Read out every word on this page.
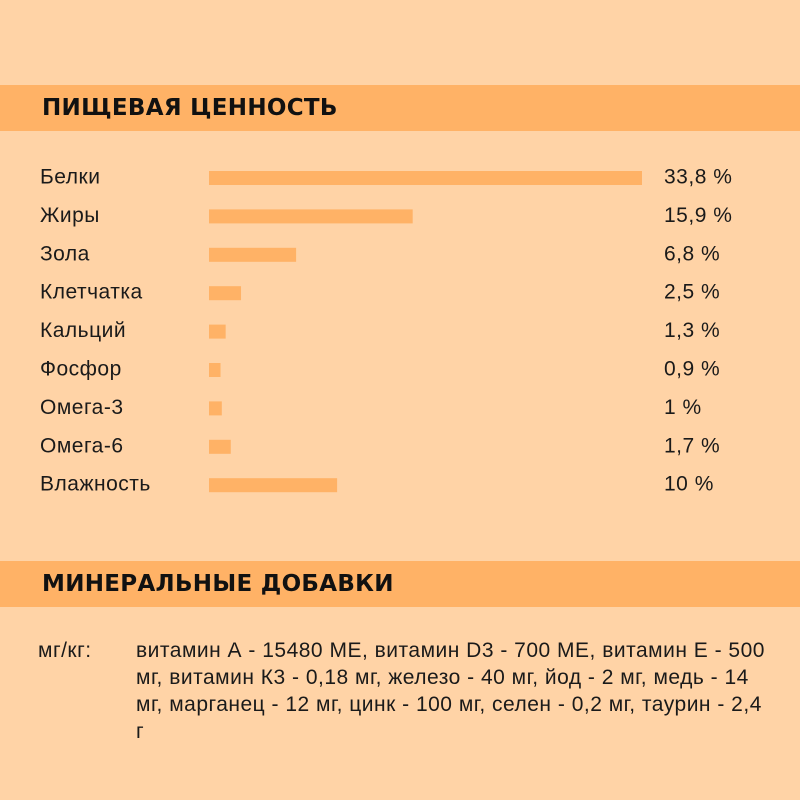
ПИЩЕВАЯ ЦЕННОСТЬ
Белки	33,8 %
Жиры	15,9 %
Зола	6,8 %
Клетчатка	2,5 %
Кальций	1,3 %
Фосфор	0,9 %
Омега-3	1 %
Омега-6	1,7 %
Влажность	10 %
МИНЕРАЛЬНЫЕ ДОБАВКИ
мг/кг: витамин А - 15480 МЕ, витамин D3 - 700 МЕ, витамин Е - 500 мг, витамин К3 - 0,18 мг, железо - 40 мг, йод - 2 мг, медь - 14 мг, марганец - 12 мг, цинк - 100 мг, селен - 0,2 мг, таурин - 2,4 г
